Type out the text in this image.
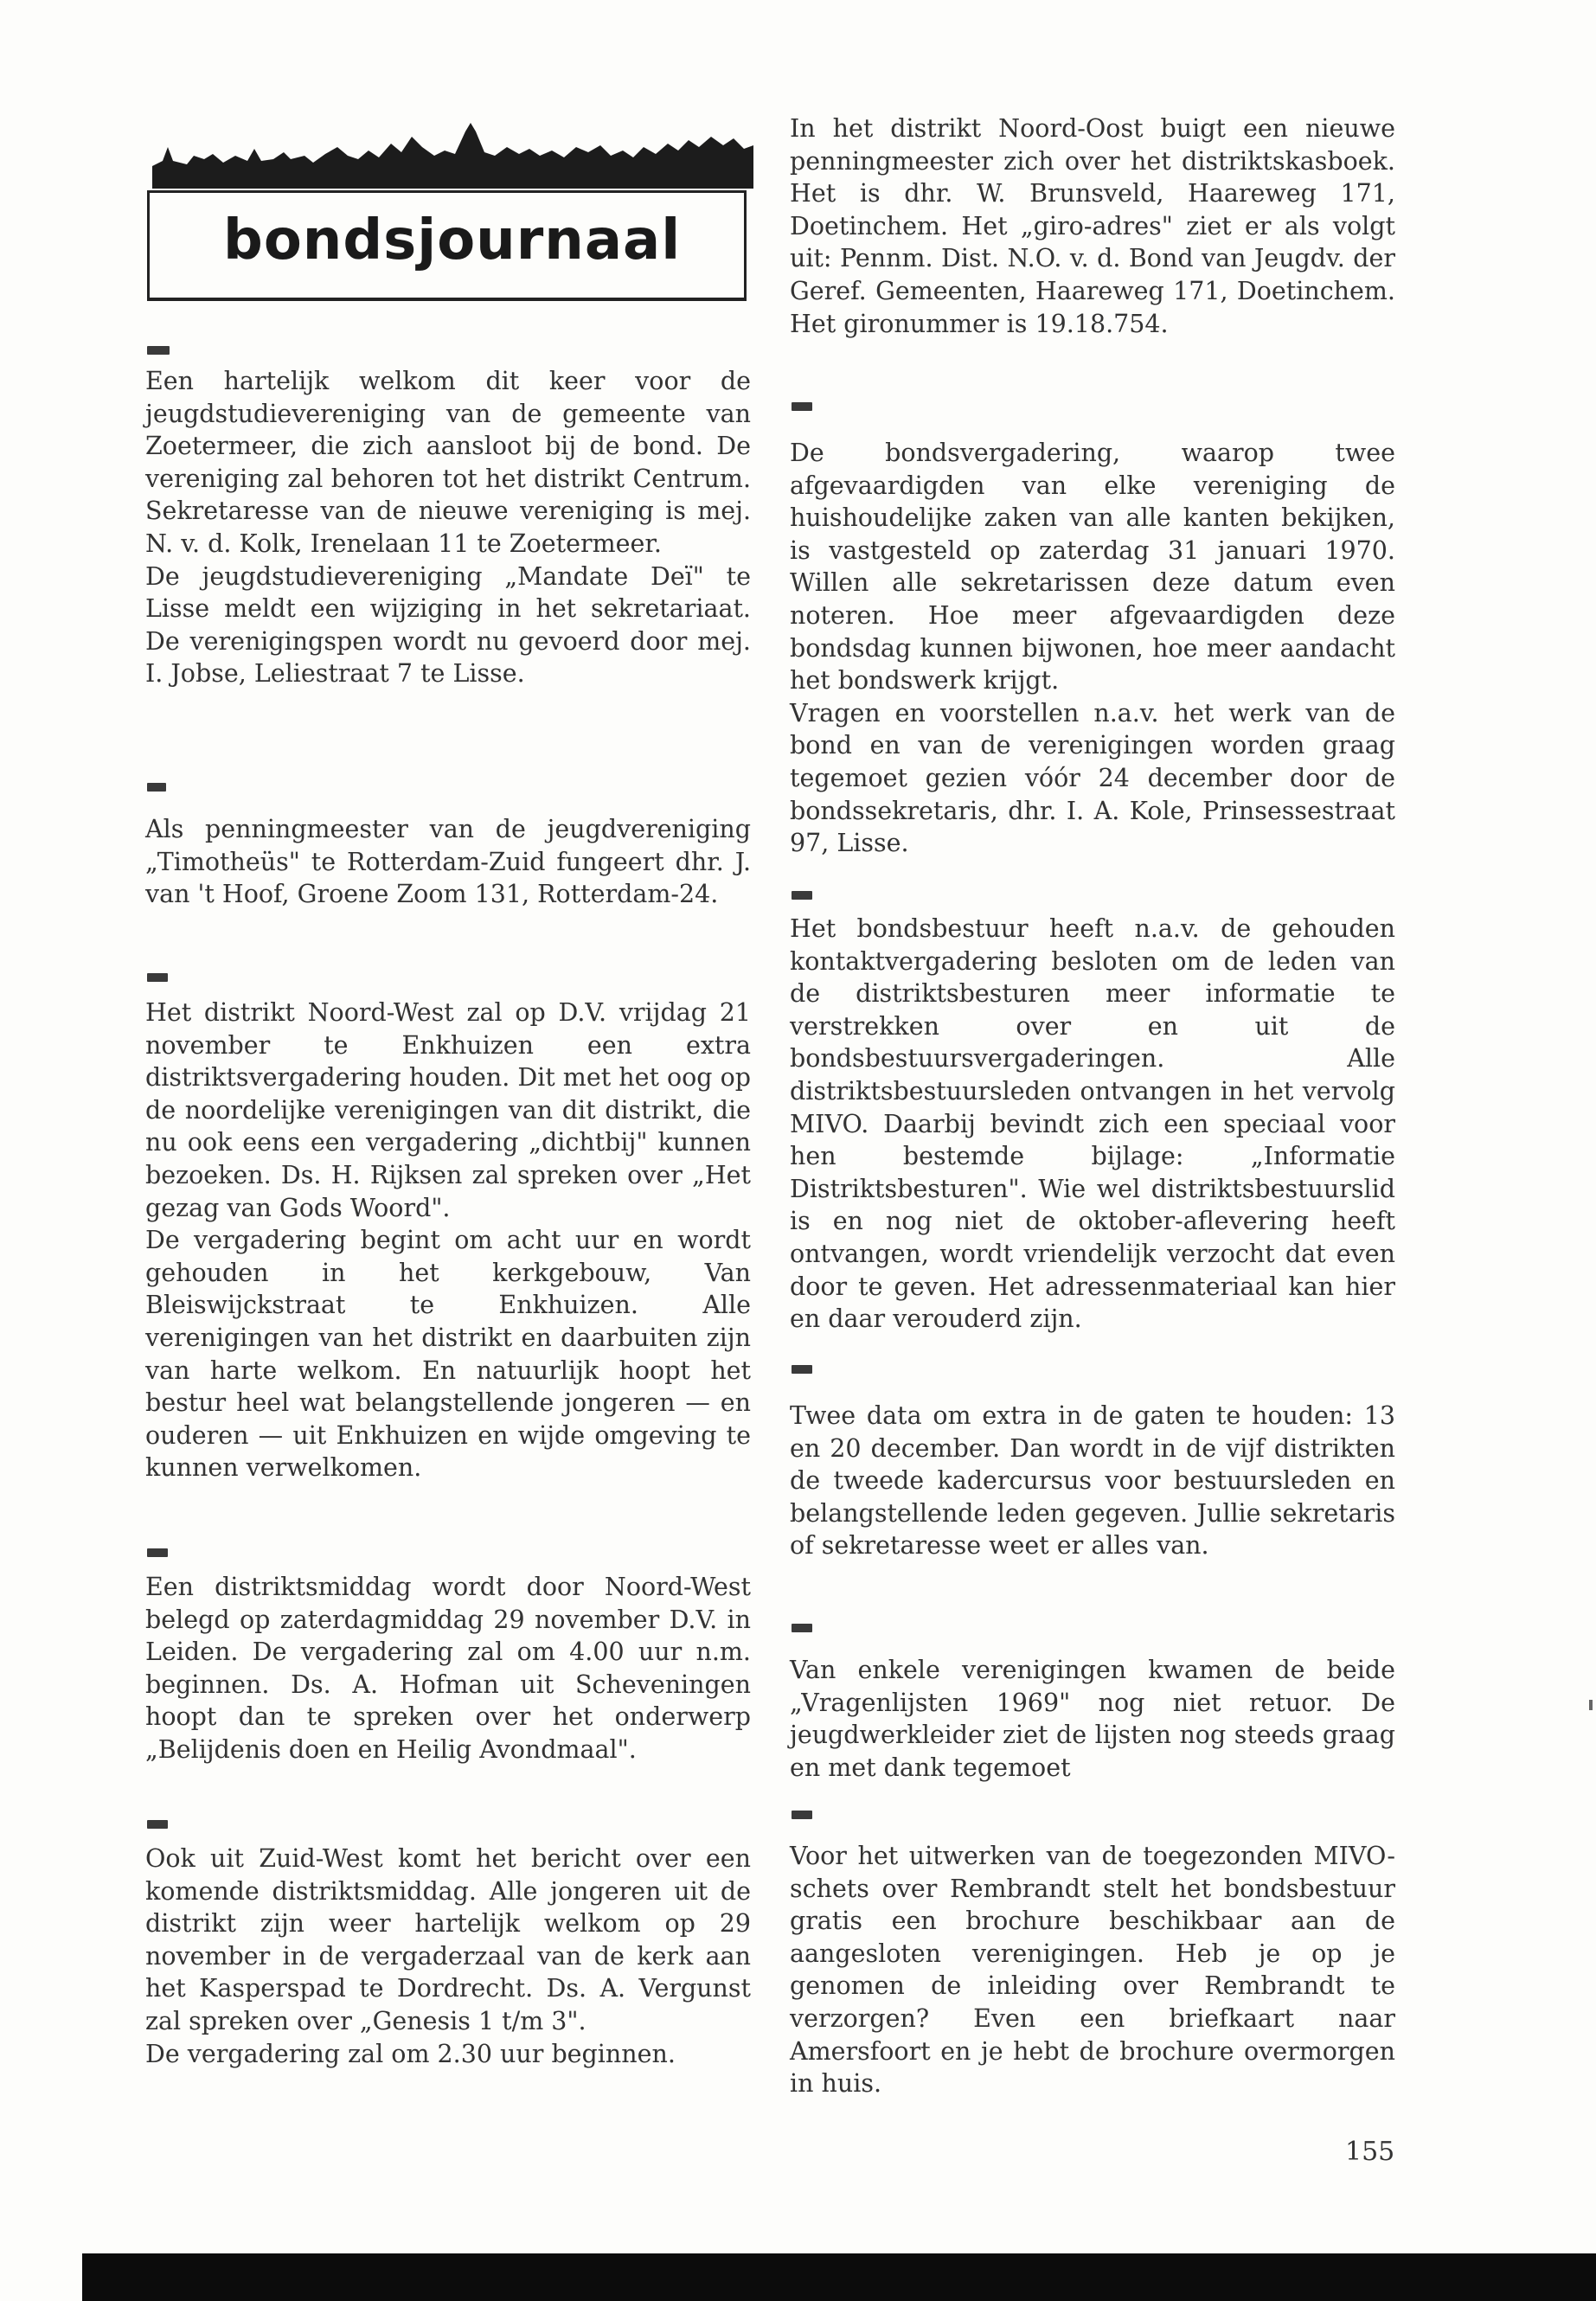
bondsjournaal
Een hartelijk welkom dit keer voor de jeugdstudievereniging van de gemeente van Zoetermeer, die zich aansloot bij de bond. De vereniging zal behoren tot het distrikt Centrum. Sekretaresse van de nieuwe vereniging is mej. N. v. d. Kolk, Irenelaan 11 te Zoetermeer.
De jeugdstudievereniging „Mandate Deï" te Lisse meldt een wijziging in het sekretariaat. De verenigingspen wordt nu gevoerd door mej. I. Jobse, Leliestraat 7 te Lisse.
Als penningmeester van de jeugdvereniging „Timotheüs" te Rotterdam-Zuid fungeert dhr. J. van 't Hoof, Groene Zoom 131, Rotterdam-24.
Het distrikt Noord-West zal op D.V. vrijdag 21 november te Enkhuizen een extra distriktsvergadering houden. Dit met het oog op de noordelijke verenigingen van dit distrikt, die nu ook eens een vergadering „dichtbij" kunnen bezoeken. Ds. H. Rijksen zal spreken over „Het gezag van Gods Woord".
De vergadering begint om acht uur en wordt gehouden in het kerkgebouw, Van Bleiswijckstraat te Enkhuizen. Alle verenigingen van het distrikt en daarbuiten zijn van harte welkom. En natuurlijk hoopt het bestur heel wat belangstellende jongeren — en ouderen — uit Enkhuizen en wijde omgeving te kunnen verwelkomen.
Een distriktsmiddag wordt door Noord-West belegd op zaterdagmiddag 29 november D.V. in Leiden. De vergadering zal om 4.00 uur n.m. beginnen. Ds. A. Hofman uit Scheveningen hoopt dan te spreken over het onderwerp „Belijdenis doen en Heilig Avondmaal".
Ook uit Zuid-West komt het bericht over een komende distriktsmiddag. Alle jongeren uit de distrikt zijn weer hartelijk welkom op 29 november in de vergaderzaal van de kerk aan het Kasperspad te Dordrecht. Ds. A. Vergunst zal spreken over „Genesis 1 t/m 3".
De vergadering zal om 2.30 uur beginnen.
In het distrikt Noord-Oost buigt een nieuwe penningmeester zich over het distriktskasboek. Het is dhr. W. Brunsveld, Haareweg 171, Doetinchem. Het „giro-adres" ziet er als volgt uit: Pennm. Dist. N.O. v. d. Bond van Jeugdv. der Geref. Gemeenten, Haareweg 171, Doetinchem. Het gironummer is 19.18.754.
De bondsvergadering, waarop twee afgevaardigden van elke vereniging de huishoudelijke zaken van alle kanten bekijken, is vastgesteld op zaterdag 31 januari 1970. Willen alle sekretarissen deze datum even noteren. Hoe meer afgevaardigden deze bondsdag kunnen bijwonen, hoe meer aandacht het bondswerk krijgt.
Vragen en voorstellen n.a.v. het werk van de bond en van de verenigingen worden graag tegemoet gezien vóór 24 december door de bondssekretaris, dhr. I. A. Kole, Prinsessestraat 97, Lisse.
Het bondsbestuur heeft n.a.v. de gehouden kontaktvergadering besloten om de leden van de distriktsbesturen meer informatie te verstrekken over en uit de bondsbestuursvergaderingen. Alle distriktsbestuursleden ontvangen in het vervolg MIVO. Daarbij bevindt zich een speciaal voor hen bestemde bijlage: „Informatie Distriktsbesturen". Wie wel distriktsbestuurslid is en nog niet de oktober-aflevering heeft ontvangen, wordt vriendelijk verzocht dat even door te geven. Het adressenmateriaal kan hier en daar verouderd zijn.
Twee data om extra in de gaten te houden: 13 en 20 december. Dan wordt in de vijf distrikten de tweede kadercursus voor bestuursleden en belangstellende leden gegeven. Jullie sekretaris of sekretaresse weet er alles van.
Van enkele verenigingen kwamen de beide „Vragenlijsten 1969" nog niet retuor. De jeugdwerkleider ziet de lijsten nog steeds graag en met dank tegemoet
Voor het uitwerken van de toegezonden MIVO-schets over Rembrandt stelt het bondsbestuur gratis een brochure beschikbaar aan de aangesloten verenigingen. Heb je op je genomen de inleiding over Rembrandt te verzorgen? Even een briefkaart naar Amersfoort en je hebt de brochure overmorgen in huis.
155
